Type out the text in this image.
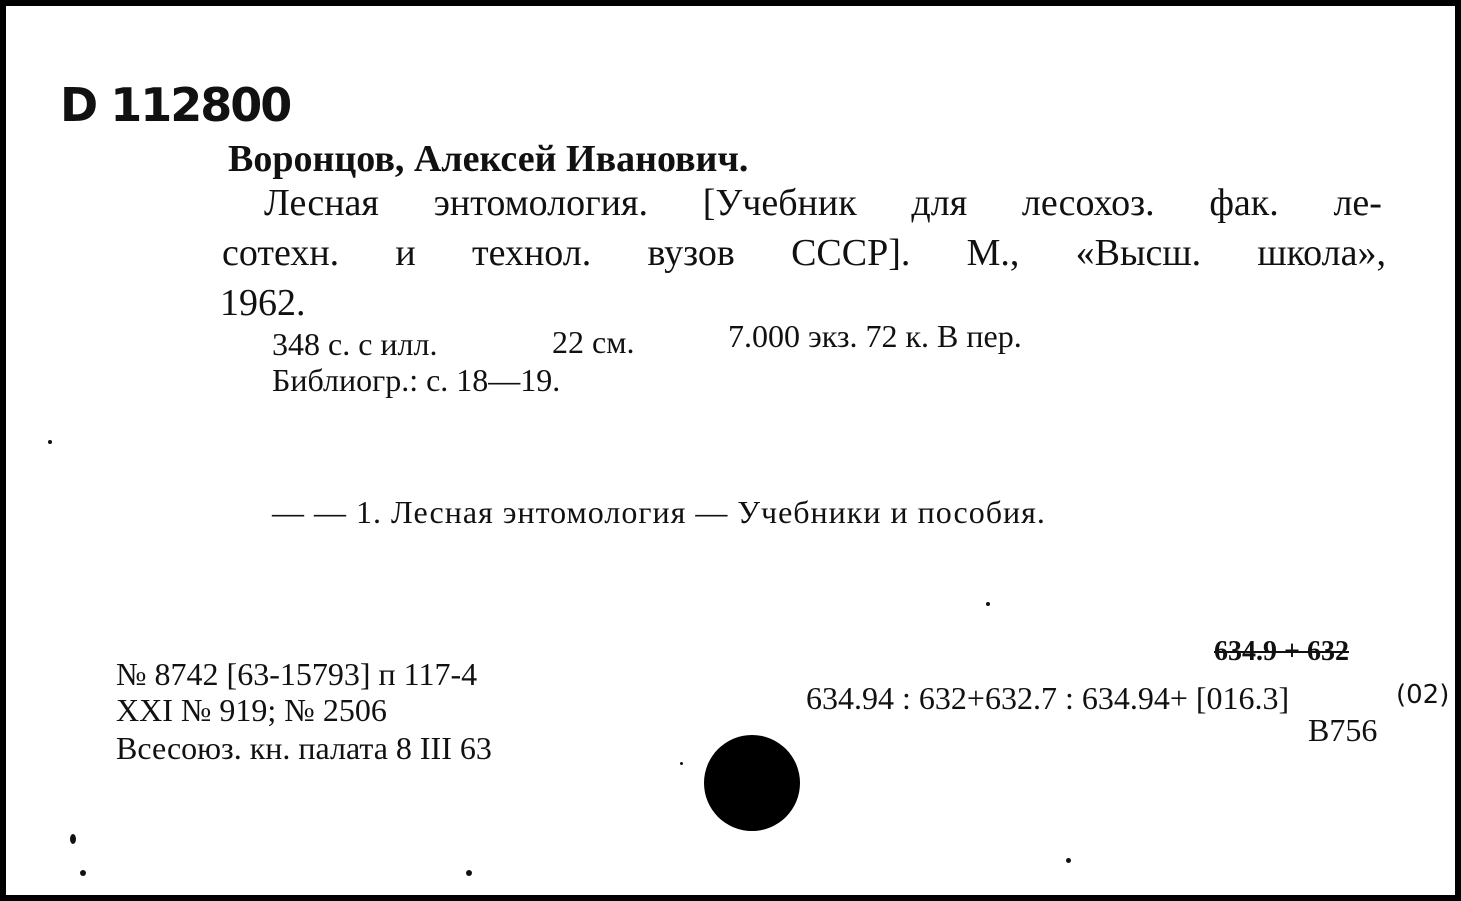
D 112800
Воронцов, Алексей Иванович.
Лесная энтомология. [Учебник для лесохоз. фак. ле-
сотехн. и технол. вузов СССР]. М., «Высш. школа»,
1962.
348 с. с илл.	22 см.	7.000 экз. 72 к. В пер.
Библиогр.: с. 18—19.
— — 1. Лесная энтомология — Учебники и пособия.
№ 8742 [63-15793] п 117-4
XXI № 919; № 2506
Всесоюз. кн. палата 8 III 63
634.9 + 632
634.94 : 632+632.7 : 634.94+ [016.3]	(02)
В756
